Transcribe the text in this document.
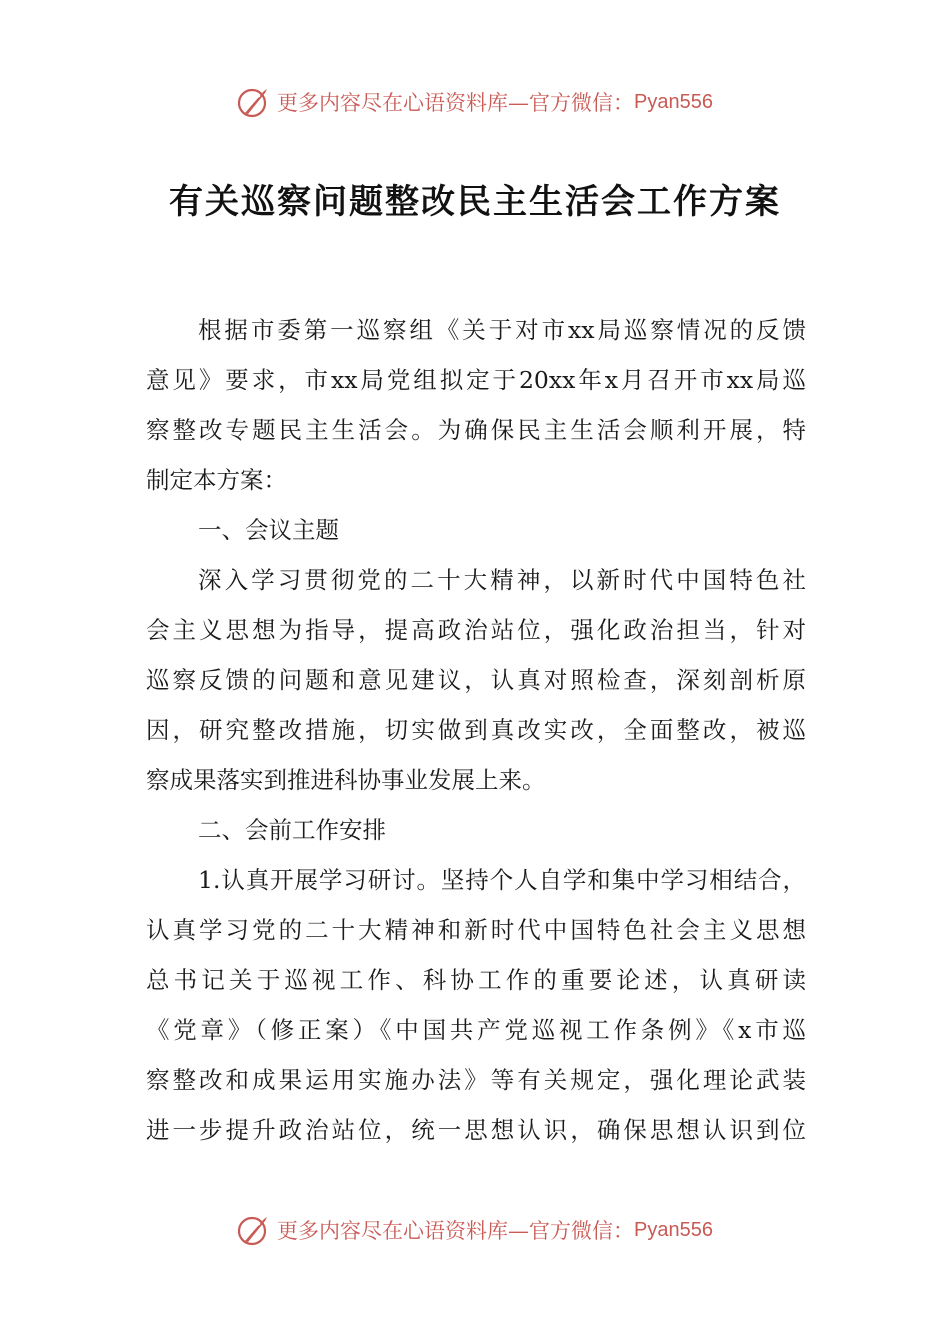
更多内容尽在心语资料库—官方微信： Pyan556
有关巡察问题整改民主生活会工作方案
根据市委第一巡察组《关于对市xx局巡察情况的反馈
意见》要求，市xx局党组拟定于20xx年x月召开市xx局巡
察整改专题民主生活会。为确保民主生活会顺利开展，特
制定本方案：
一、会议主题
深入学习贯彻党的二十大精神，以新时代中国特色社
会主义思想为指导，提高政治站位，强化政治担当，针对
巡察反馈的问题和意见建议，认真对照检查，深刻剖析原
因，研究整改措施，切实做到真改实改，全面整改，被巡
察成果落实到推进科协事业发展上来。
二、会前工作安排
1.认真开展学习研讨。坚持个人自学和集中学习相结合，
认真学习党的二十大精神和新时代中国特色社会主义思想
总书记关于巡视工作、科协工作的重要论述，认真研读
《党章》（修正案）《中国共产党巡视工作条例》《x市巡
察整改和成果运用实施办法》等有关规定，强化理论武装
进一步提升政治站位，统一思想认识，确保思想认识到位
更多内容尽在心语资料库—官方微信： Pyan556
